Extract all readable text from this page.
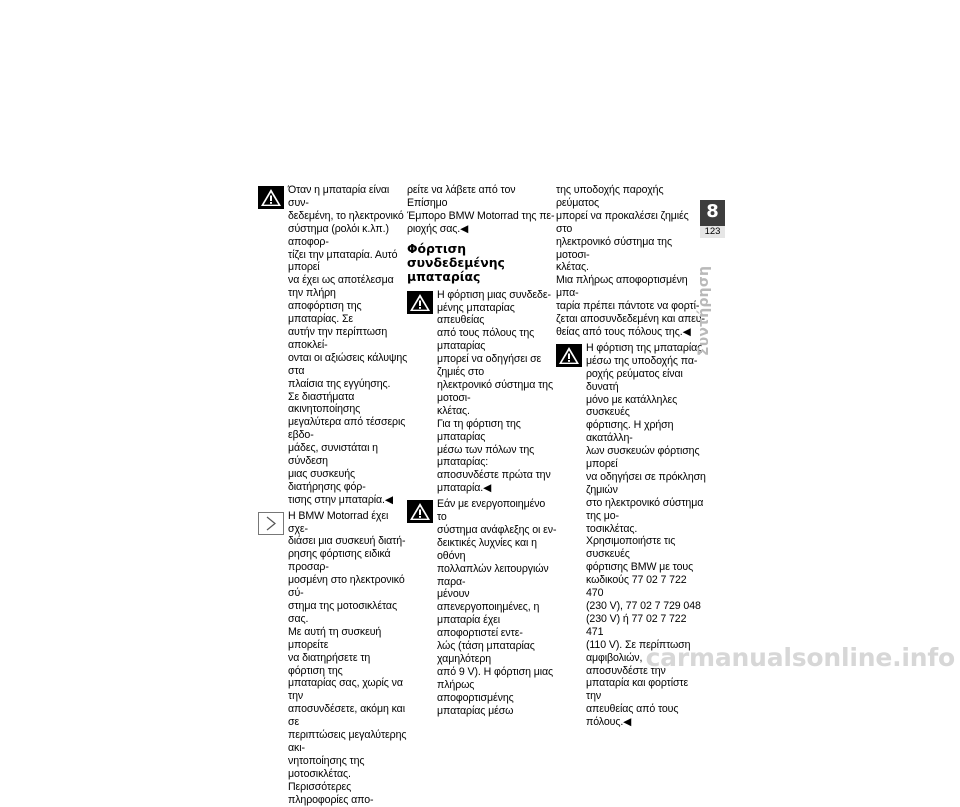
Όταν η μπαταρία είναι συν-
δεδεμένη, το ηλεκτρονικό

σύστημα (ρολόι κ.λπ.) αποφορ-
τίζει την μπαταρία. Αυτό μπορεί
να έχει ως αποτέλεσμα την πλήρη
αποφόρτιση της μπαταρίας. Σε
αυτήν την περίπτωση αποκλεί-
ονται οι αξιώσεις κάλυψης στα
πλαίσια της εγγύησης.
Σε διαστήματα ακινητοποίησης
μεγαλύτερα από τέσσερις εβδο-
μάδες, συνιστάται η σύνδεση
μιας συσκευής διατήρησης φόρ-
τισης στην μπαταρία.◀

Η BMW Motorrad έχει σχε-
διάσει μια συσκευή διατή-

ρησης φόρτισης ειδικά προσαρ-
μοσμένη στο ηλεκτρονικό σύ-
στημα της μοτοσικλέτας σας.
Με αυτή τη συσκευή μπορείτε
να διατηρήσετε τη φόρτιση της
μπαταρίας σας, χωρίς να την
αποσυνδέσετε, ακόμη και σε
περιπτώσεις μεγαλύτερης ακι-
νητοποίησης της μοτοσικλέτας.
Περισσότερες πληροφορίες απο-

ρείτε να λάβετε από τον Επίσημο
Έμπορο BMW Motorrad της πε-
ριοχής σας.◀

Φόρτιση συνδεδεμένης
μπαταρίας

Η φόρτιση μιας συνδεδε-
μένης μπαταρίας απευθείας

από τους πόλους της μπαταρίας
μπορεί να οδηγήσει σε ζημιές στο
ηλεκτρονικό σύστημα της μοτοσι-
κλέτας.
Για τη φόρτιση της μπαταρίας
μέσω των πόλων της μπαταρίας:
αποσυνδέστε πρώτα την
μπαταρία.◀

Εάν με ενεργοποιημένο το
σύστημα ανάφλεξης οι εν-

δεικτικές λυχνίες και η οθόνη
πολλαπλών λειτουργιών παρα-
μένουν απενεργοποιημένες, η
μπαταρία έχει αποφορτιστεί εντε-
λώς (τάση μπαταρίας χαμηλότερη
από 9 V). Η φόρτιση μιας πλήρως
αποφορτισμένης μπαταρίας μέσω

της υποδοχής παροχής ρεύματος
μπορεί να προκαλέσει ζημιές στο
ηλεκτρονικό σύστημα της μοτοσι-
κλέτας.
Μια πλήρως αποφορτισμένη μπα-
ταρία πρέπει πάντοτε να φορτί-
ζεται αποσυνδεδεμένη και απευ-
θείας από τους πόλους της.◀

Η φόρτιση της μπαταρίας
μέσω της υποδοχής πα-

ροχής ρεύματος είναι δυνατή
μόνο με κατάλληλες συσκευές
φόρτισης. Η χρήση ακατάλλη-
λων συσκευών φόρτισης μπορεί
να οδηγήσει σε πρόκληση ζημιών
στο ηλεκτρονικό σύστημα της μο-
τοσικλέτας.
Χρησιμοποιήστε τις συσκευές
φόρτισης BMW με τους
κωδικούς 77 02 7 722 470
(230 V), 77 02 7 729 048
(230 V) ή 77 02 7 722 471
(110 V). Σε περίπτωση
αμφιβολιών, αποσυνδέστε την
μπαταρία και φορτίστε την
απευθείας από τους πόλους.◀

8
123
Συντήρηση
carmanualsonline.info
